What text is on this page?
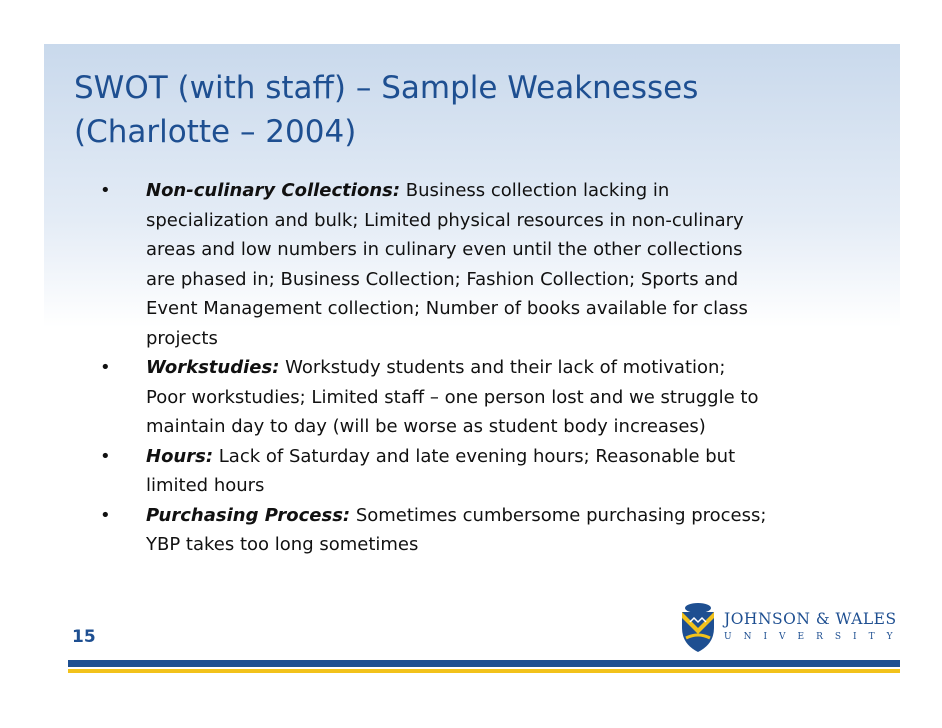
SWOT (with staff) – Sample Weaknesses
(Charlotte – 2004)
• Non-culinary Collections: Business collection lacking in
specialization and bulk; Limited physical resources in non-culinary
areas and low numbers in culinary even until the other collections
are phased in; Business Collection; Fashion Collection; Sports and
Event Management collection; Number of books available for class
projects
• Workstudies: Workstudy students and their lack of motivation;
Poor workstudies; Limited staff – one person lost and we struggle to
maintain day to day (will be worse as student body increases)
• Hours: Lack of Saturday and late evening hours; Reasonable but
limited hours
• Purchasing Process: Sometimes cumbersome purchasing process;
YBP takes too long sometimes
15
JOHNSON & WALES
UNIVERSITY
